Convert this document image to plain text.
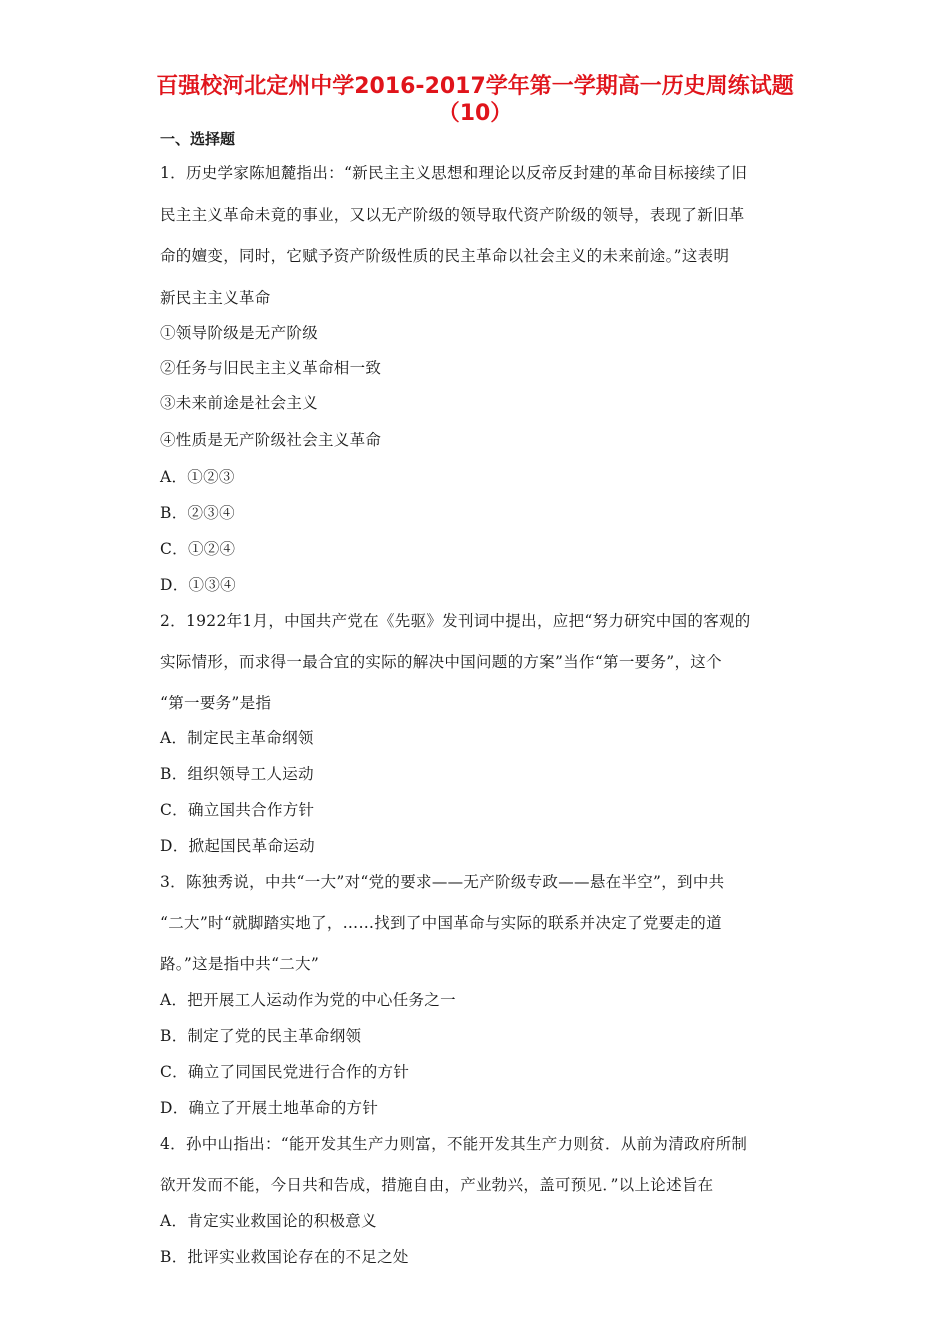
百强校河北定州中学2016-2017学年第一学期高一历史周练试题
（10）
一、选择题
1．历史学家陈旭麓指出：“新民主主义思想和理论以反帝反封建的革命目标接续了旧
民主主义革命未竟的事业，又以无产阶级的领导取代资产阶级的领导，表现了新旧革
命的嬗变，同时，它赋予资产阶级性质的民主革命以社会主义的未来前途。”这表明
新民主主义革命
①领导阶级是无产阶级
②任务与旧民主主义革命相一致
③未来前途是社会主义
④性质是无产阶级社会主义革命
A．①②③
B．②③④
C．①②④
D．①③④
2．1922年1月，中国共产党在《先驱》发刊词中提出，应把“努力研究中国的客观的
实际情形，而求得一最合宜的实际的解决中国问题的方案”当作“第一要务”，这个
“第一要务”是指
A．制定民主革命纲领
B．组织领导工人运动
C．确立国共合作方针
D．掀起国民革命运动
3．陈独秀说，中共“一大”对“党的要求——无产阶级专政——悬在半空”，到中共
“二大”时“就脚踏实地了，……找到了中国革命与实际的联系并决定了党要走的道
路。”这是指中共“二大”
A．把开展工人运动作为党的中心任务之一
B．制定了党的民主革命纲领
C．确立了同国民党进行合作的方针
D．确立了开展土地革命的方针
4．孙中山指出：“能开发其生产力则富，不能开发其生产力则贫．从前为清政府所制
欲开发而不能，今日共和告成，措施自由，产业勃兴，盖可预见．”以上论述旨在
A．肯定实业救国论的积极意义
B．批评实业救国论存在的不足之处
